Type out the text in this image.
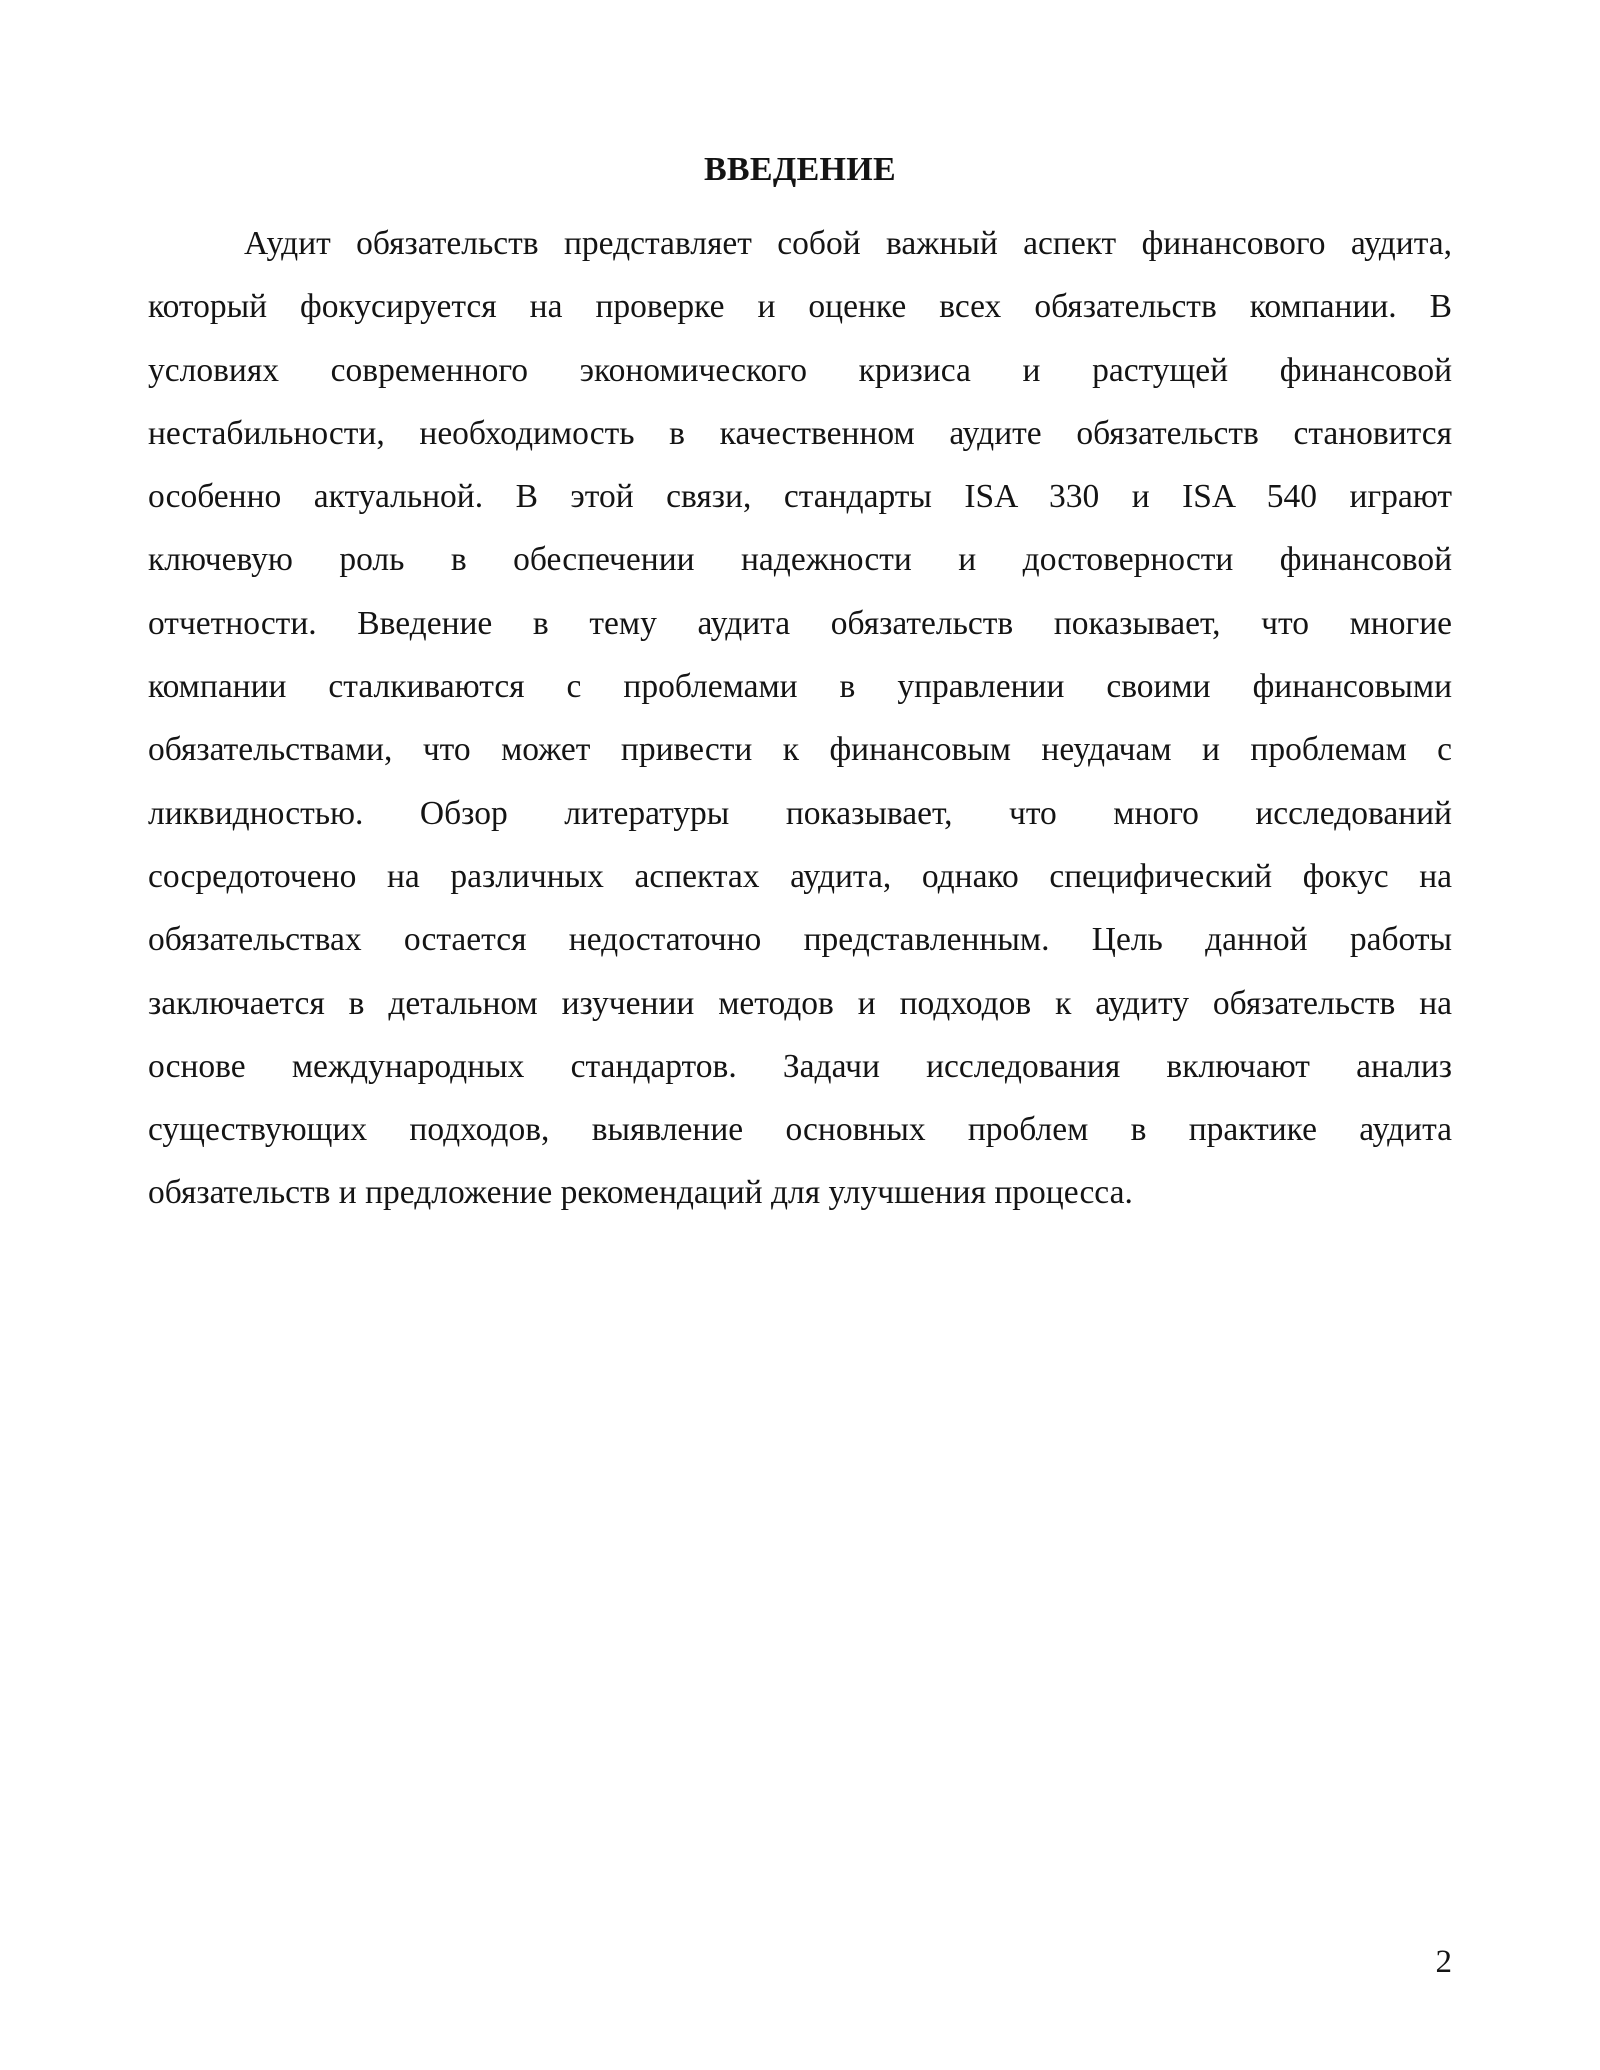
ВВЕДЕНИЕ
Аудит обязательств представляет собой важный аспект финансового аудита,
который фокусируется на проверке и оценке всех обязательств компании. В
условиях современного экономического кризиса и растущей финансовой
нестабильности, необходимость в качественном аудите обязательств становится
особенно актуальной. В этой связи, стандарты ISA 330 и ISA 540 играют
ключевую роль в обеспечении надежности и достоверности финансовой
отчетности. Введение в тему аудита обязательств показывает, что многие
компании сталкиваются с проблемами в управлении своими финансовыми
обязательствами, что может привести к финансовым неудачам и проблемам с
ликвидностью. Обзор литературы показывает, что много исследований
сосредоточено на различных аспектах аудита, однако специфический фокус на
обязательствах остается недостаточно представленным. Цель данной работы
заключается в детальном изучении методов и подходов к аудиту обязательств на
основе международных стандартов. Задачи исследования включают анализ
существующих подходов, выявление основных проблем в практике аудита
обязательств и предложение рекомендаций для улучшения процесса.
2
